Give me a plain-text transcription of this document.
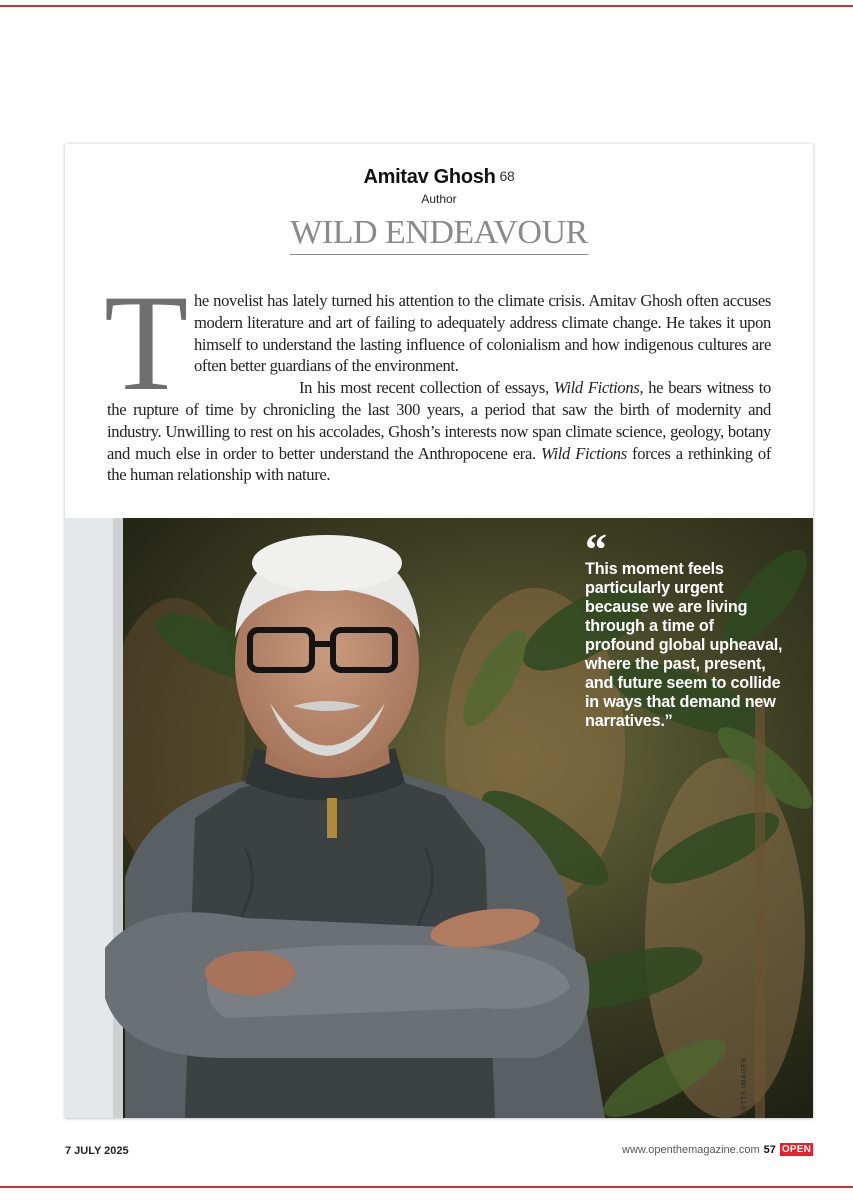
Amitav Ghosh 68
Author
WILD ENDEAVOUR

The novelist has lately turned his attention to the climate crisis. Amitav Ghosh often accuses modern literature and art of failing to adequately address climate change. He takes it upon himself to understand the lasting influence of colonialism and how indigenous cultures are often better guardians of the environment.

In his most recent collection of essays, Wild Fictions, he bears witness to the rupture of time by chronicling the last 300 years, a period that saw the birth of modernity and industry. Unwilling to rest on his accolades, Ghosh’s interests now span climate science, geology, botany and much else in order to better understand the Anthropocene era. Wild Fictions forces a rethinking of the human relationship with nature.

“
This moment feels particularly urgent because we are living through a time of profound global upheaval, where the past, present, and future seem to collide in ways that demand new narratives.”
GETTY IMAGES
7 JULY 2025	www.openthemagazine.com 57 OPEN
